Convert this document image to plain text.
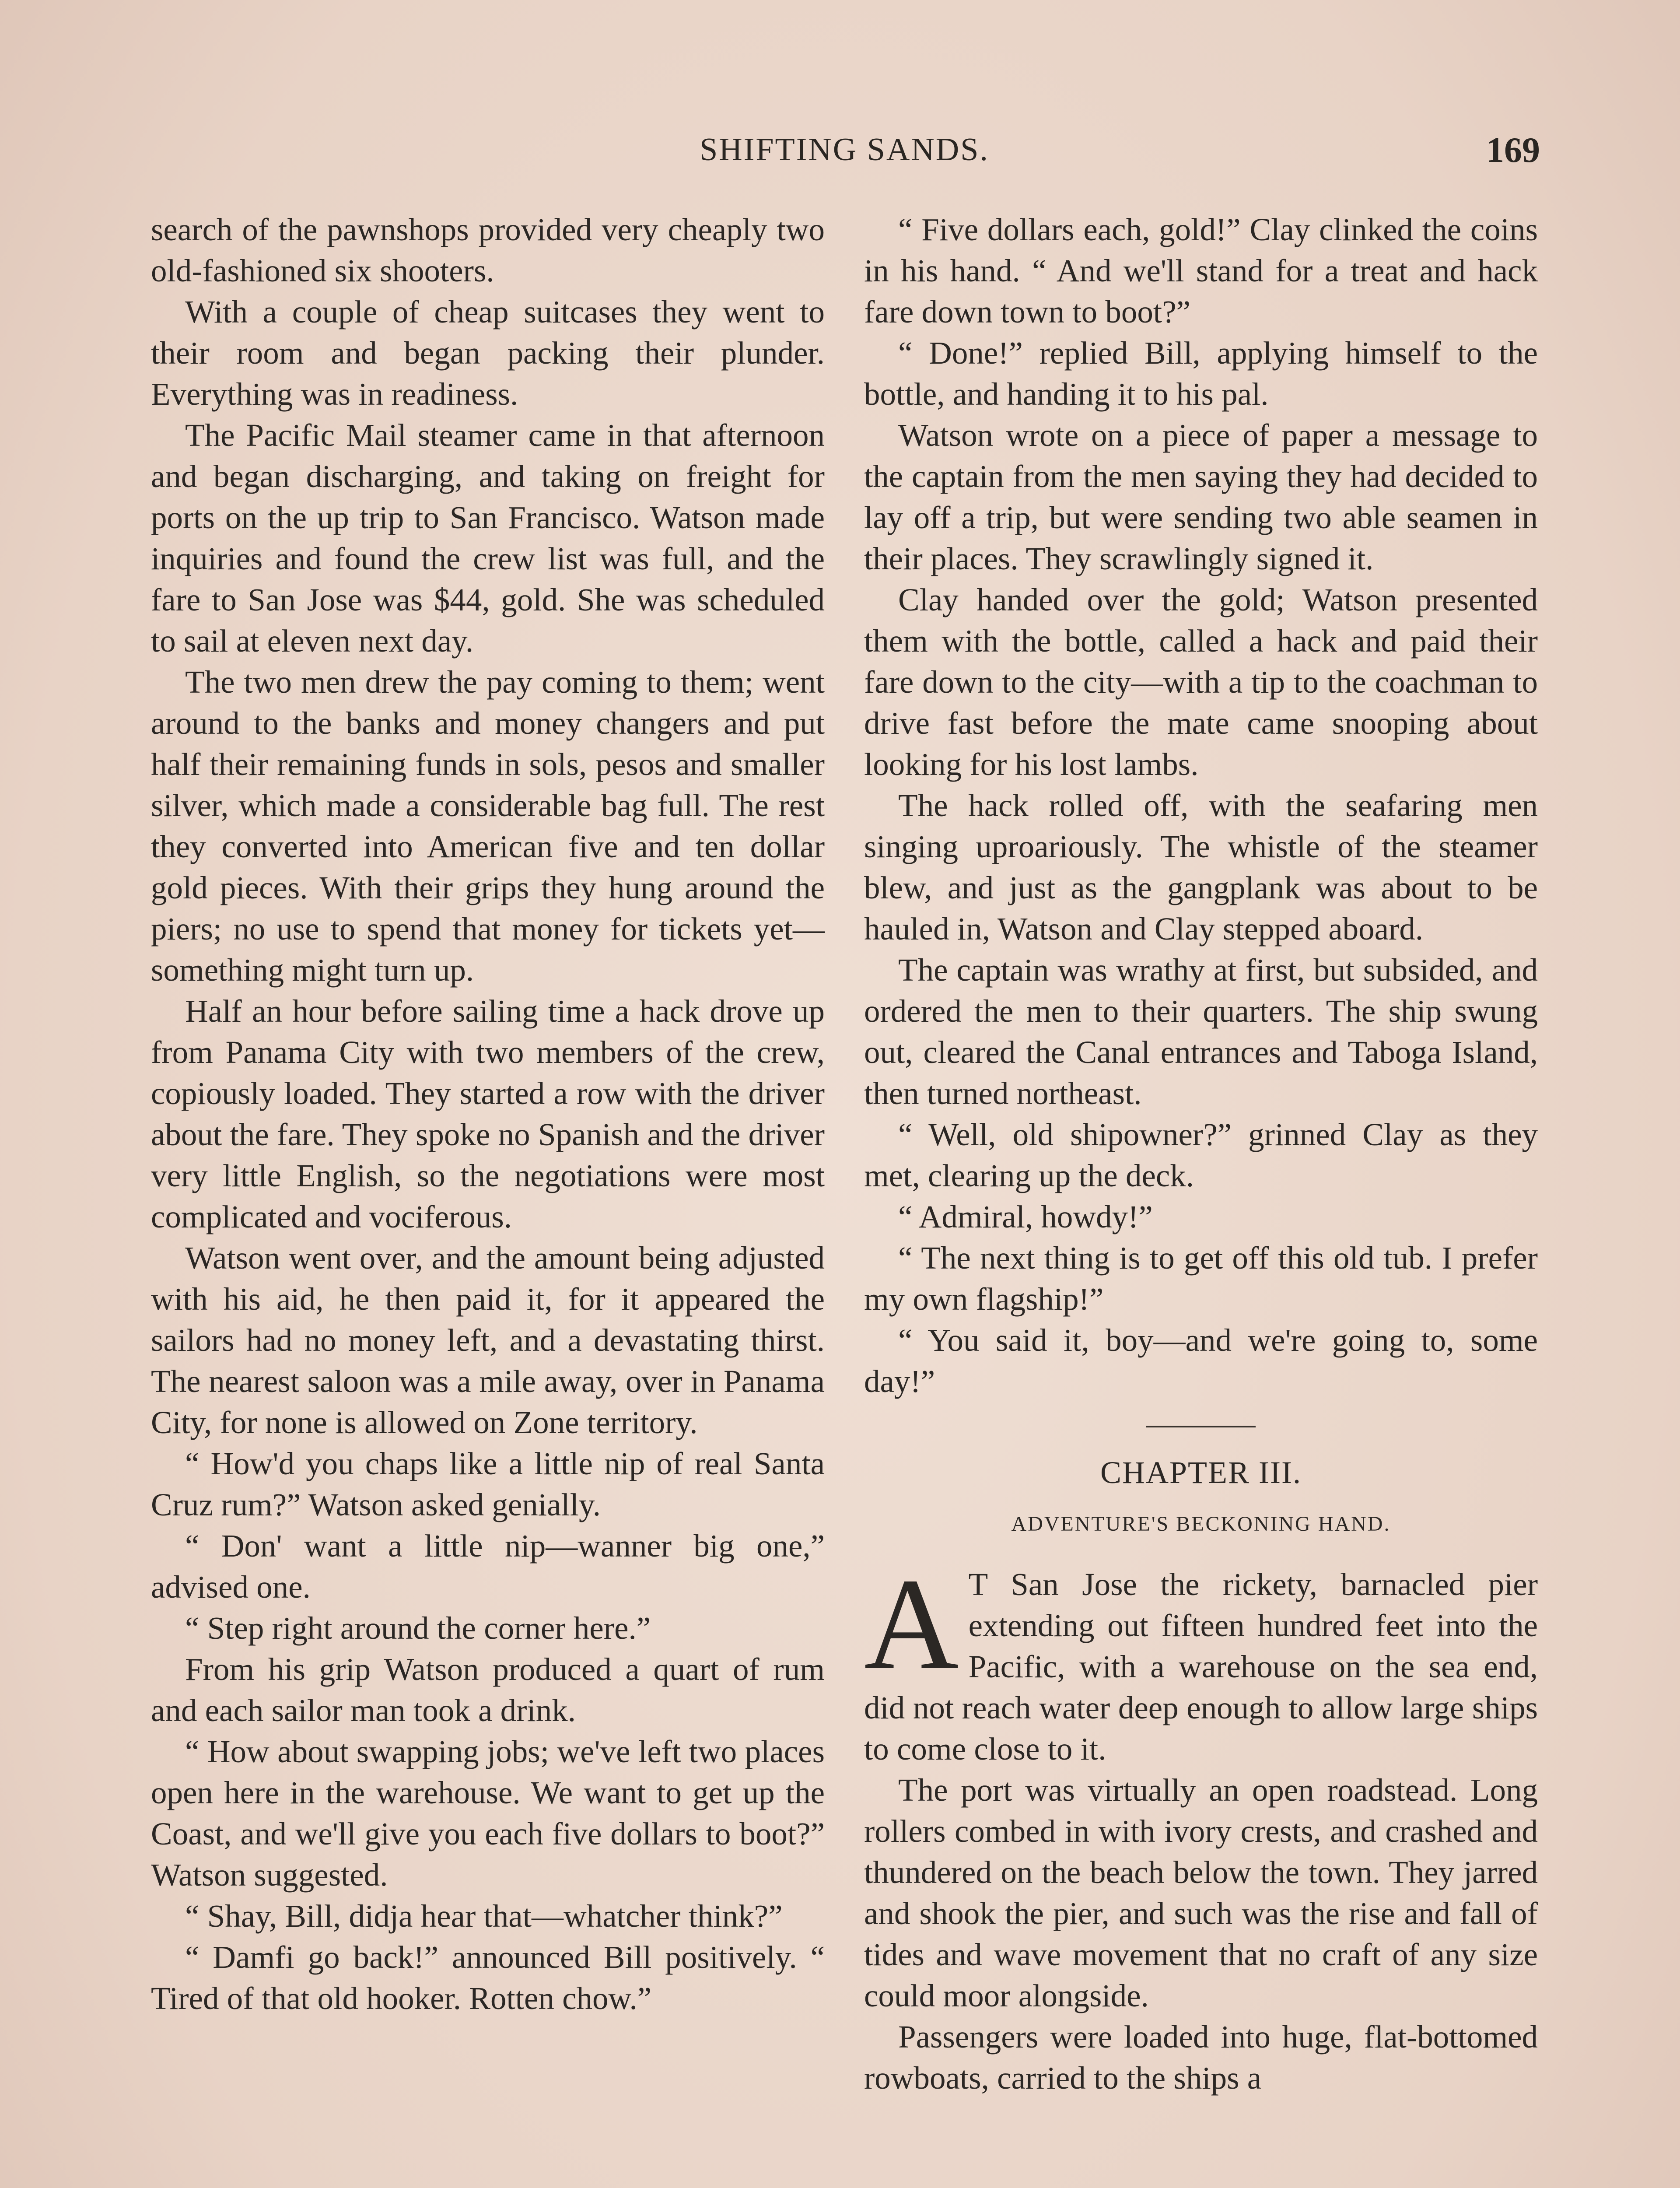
SHIFTING SANDS.	169

search of the pawnshops provided very cheaply two old-fashioned six shooters.

With a couple of cheap suitcases they went to their room and began packing their plunder. Everything was in readiness.

The Pacific Mail steamer came in that afternoon and began discharging, and taking on freight for ports on the up trip to San Francisco. Watson made inquiries and found the crew list was full, and the fare to San Jose was $44, gold. She was scheduled to sail at eleven next day.

The two men drew the pay coming to them; went around to the banks and money changers and put half their remaining funds in sols, pesos and smaller silver, which made a considerable bag full. The rest they converted into American five and ten dollar gold pieces. With their grips they hung around the piers; no use to spend that money for tickets yet—something might turn up.

Half an hour before sailing time a hack drove up from Panama City with two members of the crew, copiously loaded. They started a row with the driver about the fare. They spoke no Spanish and the driver very little English, so the negotiations were most complicated and vociferous.

Watson went over, and the amount being adjusted with his aid, he then paid it, for it appeared the sailors had no money left, and a devastating thirst. The nearest saloon was a mile away, over in Panama City, for none is allowed on Zone territory.

“ How'd you chaps like a little nip of real Santa Cruz rum?” Watson asked genially.

“ Don' want a little nip—wanner big one,” advised one.

“ Step right around the corner here.”

From his grip Watson produced a quart of rum and each sailor man took a drink.

“ How about swapping jobs; we've left two places open here in the warehouse. We want to get up the Coast, and we'll give you each five dollars to boot?” Watson suggested.

“ Shay, Bill, didja hear that—whatcher think?”

“ Damfi go back!” announced Bill positively. “ Tired of that old hooker. Rotten chow.”

“ Five dollars each, gold!” Clay clinked the coins in his hand. “ And we'll stand for a treat and hack fare down town to boot?”

“ Done!” replied Bill, applying himself to the bottle, and handing it to his pal.

Watson wrote on a piece of paper a message to the captain from the men saying they had decided to lay off a trip, but were sending two able seamen in their places. They scrawlingly signed it.

Clay handed over the gold; Watson presented them with the bottle, called a hack and paid their fare down to the city—with a tip to the coachman to drive fast before the mate came snooping about looking for his lost lambs.

The hack rolled off, with the seafaring men singing uproariously. The whistle of the steamer blew, and just as the gangplank was about to be hauled in, Watson and Clay stepped aboard.

The captain was wrathy at first, but subsided, and ordered the men to their quarters. The ship swung out, cleared the Canal entrances and Taboga Island, then turned northeast.

“ Well, old shipowner?” grinned Clay as they met, clearing up the deck.

“ Admiral, howdy!”

“ The next thing is to get off this old tub. I prefer my own flagship!”

“ You said it, boy—and we're going to, some day!”

CHAPTER III.
ADVENTURE'S BECKONING HAND.

A T San Jose the rickety, barnacled pier extending out fifteen hundred feet into the Pacific, with a warehouse on the sea end, did not reach water deep enough to allow large ships to come close to it.

The port was virtually an open roadstead. Long rollers combed in with ivory crests, and crashed and thundered on the beach below the town. They jarred and shook the pier, and such was the rise and fall of tides and wave movement that no craft of any size could moor alongside.

Passengers were loaded into huge, flat-bottomed rowboats, carried to the ships a
